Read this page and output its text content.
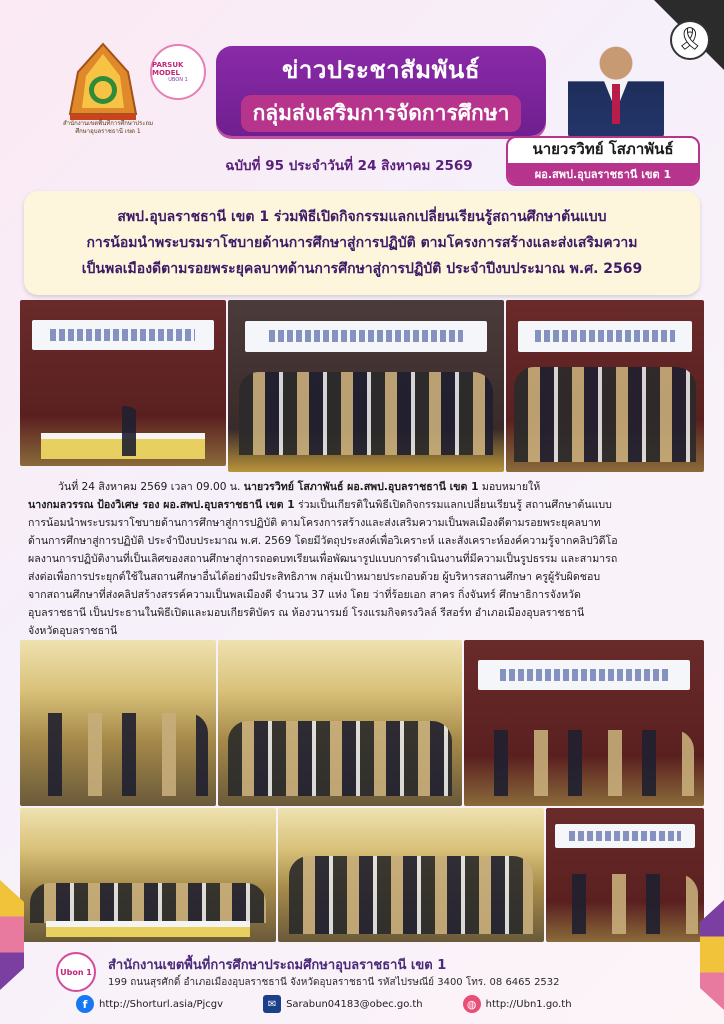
🎗
สำนักงานเขตพื้นที่การศึกษาประถมศึกษาอุบลราชธานี เขต 1
PARSUK MODEL
UBON 1	ข่าวประชาสัมพันธ์
กลุ่มส่งเสริมการจัดการศึกษา
ฉบับที่ 95 ประจำวันที่ 24 สิงหาคม 2569
นายวรวิทย์ โสภาพันธ์
ผอ.สพป.อุบลราชธานี เขต 1
สพป.อุบลราชธานี เขต 1 ร่วมพิธีเปิดกิจกรรมแลกเปลี่ยนเรียนรู้สถานศึกษาต้นแบบ
การน้อมนำพระบรมราโชบายด้านการศึกษาสู่การปฏิบัติ ตามโครงการสร้างและส่งเสริมความ
เป็นพลเมืองดีตามรอยพระยุคลบาทด้านการศึกษาสู่การปฏิบัติ ประจำปีงบประมาณ พ.ศ. 2569

วันที่ 24 สิงหาคม 2569 เวลา 09.00 น. นายวรวิทย์ โสภาพันธ์ ผอ.สพป.อุบลราชธานี เขต 1 มอบหมายให้

นางกมลวรรณ ป้องวิเศษ รอง ผอ.สพป.อุบลราชธานี เขต 1 ร่วมเป็นเกียรติในพิธีเปิดกิจกรรมแลกเปลี่ยนเรียนรู้ สถานศึกษาต้นแบบ

การน้อมนำพระบรมราโชบายด้านการศึกษาสู่การปฏิบัติ ตามโครงการสร้างและส่งเสริมความเป็นพลเมืองดีตามรอยพระยุคลบาท

ด้านการศึกษาสู่การปฏิบัติ ประจำปีงบประมาณ พ.ศ. 2569 โดยมีวัตถุประสงค์เพื่อวิเคราะห์ และสังเคราะห์องค์ความรู้จากคลิปวิดีโอ

ผลงานการปฏิบัติงานที่เป็นเลิศของสถานศึกษาสู่การถอดบทเรียนเพื่อพัฒนารูปแบบการดำเนินงานที่มีความเป็นรูปธรรม และสามารถ

ส่งต่อเพื่อการประยุกต์ใช้ในสถานศึกษาอื่นได้อย่างมีประสิทธิภาพ กลุ่มเป้าหมายประกอบด้วย ผู้บริหารสถานศึกษา ครูผู้รับผิดชอบ

จากสถานศึกษาที่ส่งคลิปสร้างสรรค์ความเป็นพลเมืองดี จำนวน 37 แห่ง โดย ว่าที่ร้อยเอก สาคร กิ่งจันทร์ ศึกษาธิการจังหวัด

อุบลราชธานี เป็นประธานในพิธีเปิดและมอบเกียรติบัตร ณ ห้องวนารมย์ โรงแรมกิจตรงวิลล์ รีสอร์ท อำเภอเมืองอุบลราชธานี

จังหวัดอุบลราชธานี

Ubon 1	สำนักงานเขตพื้นที่การศึกษาประถมศึกษาอุบลราชธานี เขต 1
199 ถนนสุรศักดิ์ อำเภอเมืองอุบลราชธานี จังหวัดอุบลราชธานี รหัสไปรษณีย์ 3400 โทร. 08 6465 2532
f	http://Shorturl.asia/Pjcgv	✉ Sarabun04183@obec.go.th	◍ http://Ubn1.go.th
